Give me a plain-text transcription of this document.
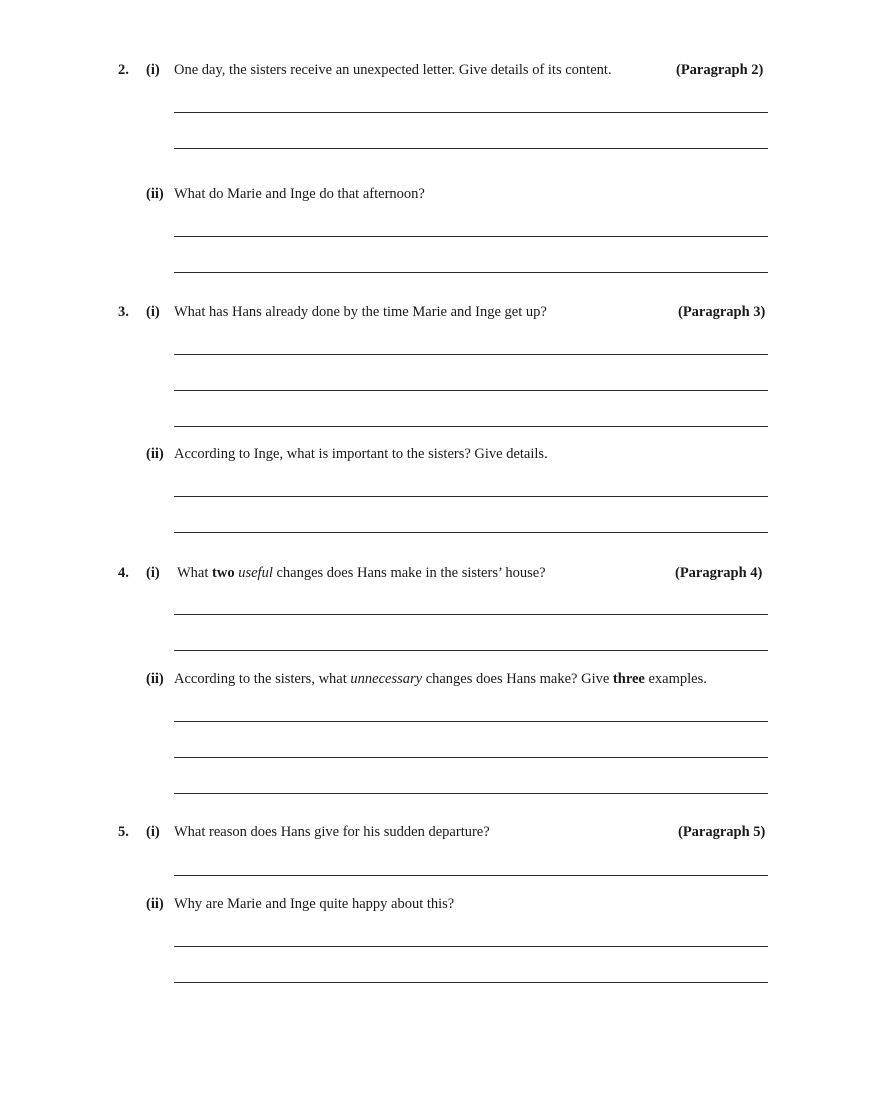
2. (i) One day, the sisters receive an unexpected letter. Give details of its content.	(Paragraph 2)
(ii) What do Marie and Inge do that afternoon?
3. (i) What has Hans already done by the time Marie and Inge get up?	(Paragraph 3)
(ii) According to Inge, what is important to the sisters? Give details.
4. (i) What two useful changes does Hans make in the sisters’ house?	(Paragraph 4)
(ii) According to the sisters, what unnecessary changes does Hans make? Give three examples.
5. (i) What reason does Hans give for his sudden departure?	(Paragraph 5)
(ii) Why are Marie and Inge quite happy about this?
